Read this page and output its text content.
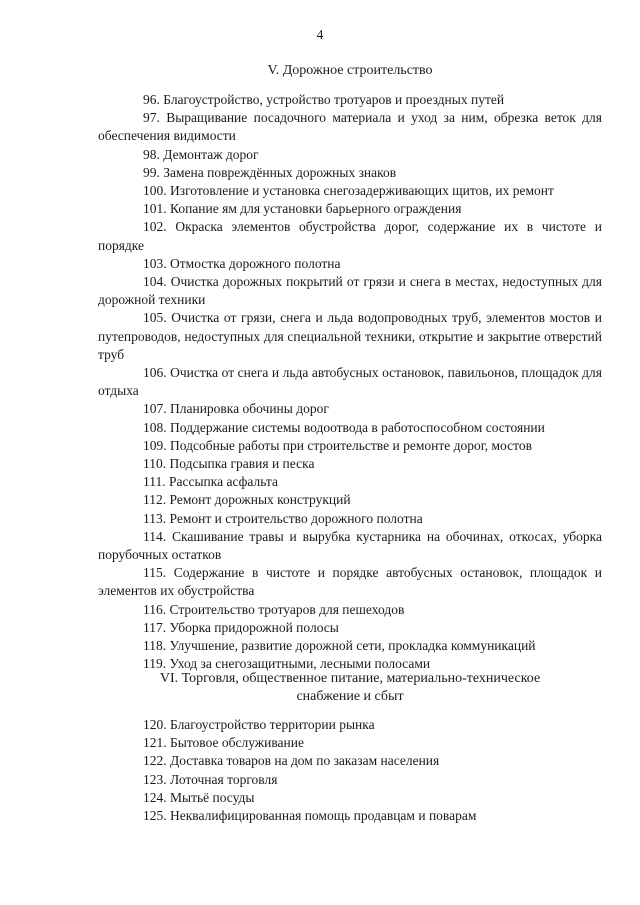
4
V. Дорожное строительство
96. Благоустройство, устройство тротуаров и проездных путей
97. Выращивание посадочного материала и уход за ним, обрезка веток для обеспечения видимости
98. Демонтаж дорог
99. Замена повреждённых дорожных знаков
100. Изготовление и установка снегозадерживающих щитов, их ремонт
101. Копание ям для установки барьерного ограждения
102. Окраска элементов обустройства дорог, содержание их в чистоте и порядке
103. Отмостка дорожного полотна
104. Очистка дорожных покрытий от грязи и снега в местах, недоступных для дорожной техники
105. Очистка от грязи, снега и льда водопроводных труб, элементов мостов и путепроводов, недоступных для специальной техники, открытие и закрытие отверстий труб
106. Очистка от снега и льда автобусных остановок, павильонов, площадок для отдыха
107. Планировка обочины дорог
108. Поддержание системы водоотвода в работоспособном состоянии
109. Подсобные работы при строительстве и ремонте дорог, мостов
110. Подсыпка гравия и песка
111. Рассыпка асфальта
112. Ремонт дорожных конструкций
113. Ремонт и строительство дорожного полотна
114. Скашивание травы и вырубка кустарника на обочинах, откосах, уборка порубочных остатков
115. Содержание в чистоте и порядке автобусных остановок, площадок и элементов их обустройства
116. Строительство тротуаров для пешеходов
117. Уборка придорожной полосы
118. Улучшение, развитие дорожной сети, прокладка коммуникаций
119. Уход за снегозащитными, лесными полосами
VI. Торговля, общественное питание, материально-техническое
снабжение и сбыт
120. Благоустройство территории рынка
121. Бытовое обслуживание
122. Доставка товаров на дом по заказам населения
123. Лоточная торговля
124. Мытьё посуды
125. Неквалифицированная помощь продавцам и поварам
